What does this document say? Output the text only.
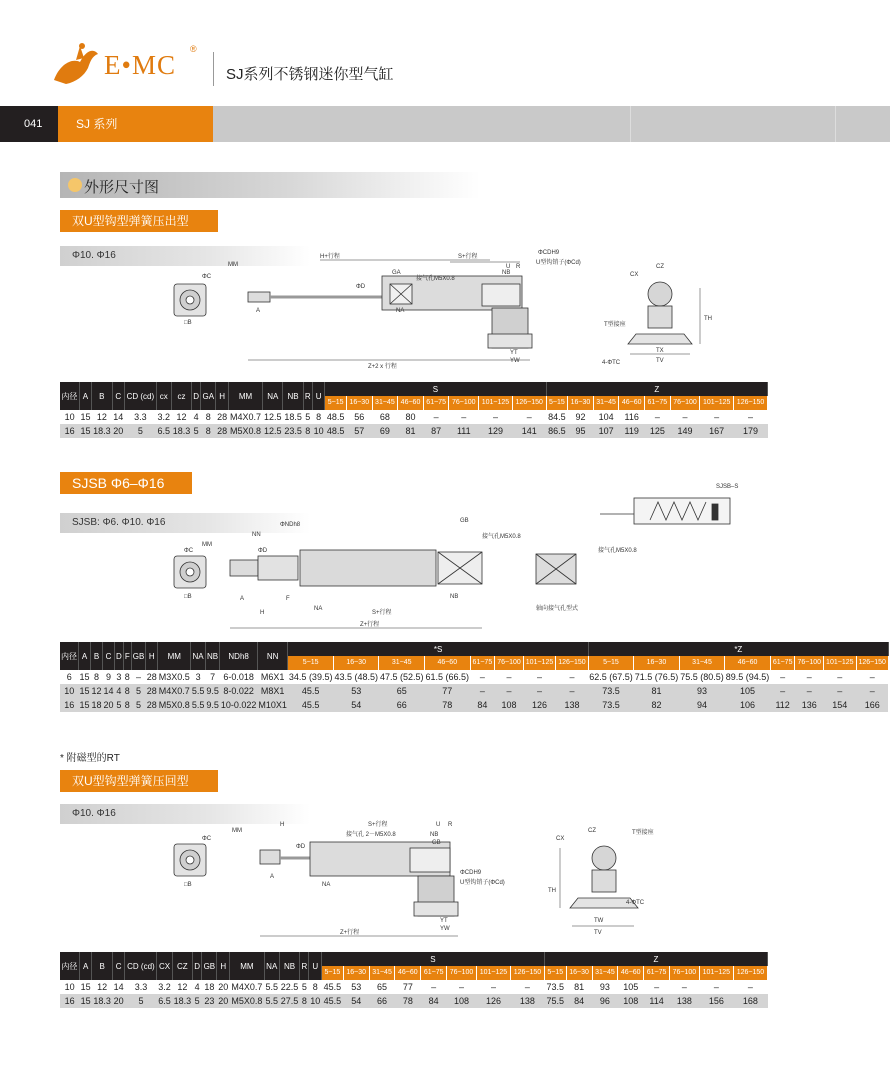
E•MC
®
SJ系列不锈钢迷你型气缸
041	SJ 系列
外形尺寸图
双U型钩型弹簧压出型
Φ10. Φ16
MM
H+行程	S+行程
U R
ΦCDH9
U型钩销子(ΦCd)
NB
GA
接气孔M5X0.8
ΦD
ΦC
A	NA
□B
Z+2 x 行程
YT
YW
CZ
CX
T型接座
TH
TX
TV
4-ΦTC
内径	A	B	C	CD (cd)	cx	cz	D	GA	H	MM	NA	NB	R	U	S								Z							
															5~15	16~30	31~45	46~60	61~75	76~100	101~125	126~150	5~15	16~30	31~45	46~60	61~75	76~100	101~125	126~150
10	15	12	14	3.3	3.2	12	4	8	28	M4X0.7	12.5	18.5	5	8	48.5	56	68	80	–	–	–	–	84.5	92	104	116	–	–	–	–
16	15	18.3	20	5	6.5	18.3	5	8	28	M5X0.8	12.5	23.5	8	10	48.5	57	69	81	87	111	129	141	86.5	95	107	119	125	149	167	179
SJSB Φ6–Φ16
SJSB: Φ6. Φ10. Φ16
SJSB–S
MM
NN
ΦNDh8
ΦD
ΦC
GB
接气孔M5X0.8
A	F
H
NA
S+行程
NB
Z+行程
□B
轴向接气孔型式
接气孔M5X0.8
内径	A	B	C	D	F	GB	H	MM	NA	NB	NDh8	NN	*S								*Z							
													5~15	16~30	31~45	46~60	61~75	76~100	101~125	126~150	5~15	16~30	31~45	46~60	61~75	76~100	101~125	126~150
6	15	8	9	3	8	–	28	M3X0.5	3	7	6-0.018	M6X1	34.5 (39.5)	43.5 (48.5)	47.5 (52.5)	61.5 (66.5)	–	–	–	–	62.5 (67.5)	71.5 (76.5)	75.5 (80.5)	89.5 (94.5)	–	–	–	–
10	15	12	14	4	8	5	28	M4X0.7	5.5	9.5	8-0.022	M8X1	45.5	53	65	77	–	–	–	–	73.5	81	93	105	–	–	–	–
16	15	18	20	5	8	5	28	M5X0.8	5.5	9.5	10-0.022	M10X1	45.5	54	66	78	84	108	126	138	73.5	82	94	106	112	136	154	166
* 附磁型的RT
双U型钩型弹簧压回型
Φ10. Φ16
MM
H	S+行程	U R
接气孔 2－M5X0.8	NB
GB
ΦD
ΦC
ΦCDH9
U型钩销子(ΦCd)
A
NA
□B
Z+行程
YT
YW
CX
CZ	T型接座
TH
4-ΦTC
TW
TV
内径	A	B	C	CD (cd)	CX	CZ	D	GB	H	MM	NA	NB	R	U	S								Z							
															5~15	16~30	31~45	46~60	61~75	76~100	101~125	126~150	5~15	16~30	31~45	46~60	61~75	76~100	101~125	126~150
10	15	12	14	3.3	3.2	12	4	18	20	M4X0.7	5.5	22.5	5	8	45.5	53	65	77	–	–	–	–	73.5	81	93	105	–	–	–	–
16	15	18.3	20	5	6.5	18.3	5	23	20	M5X0.8	5.5	27.5	8	10	45.5	54	66	78	84	108	126	138	75.5	84	96	108	114	138	156	168
